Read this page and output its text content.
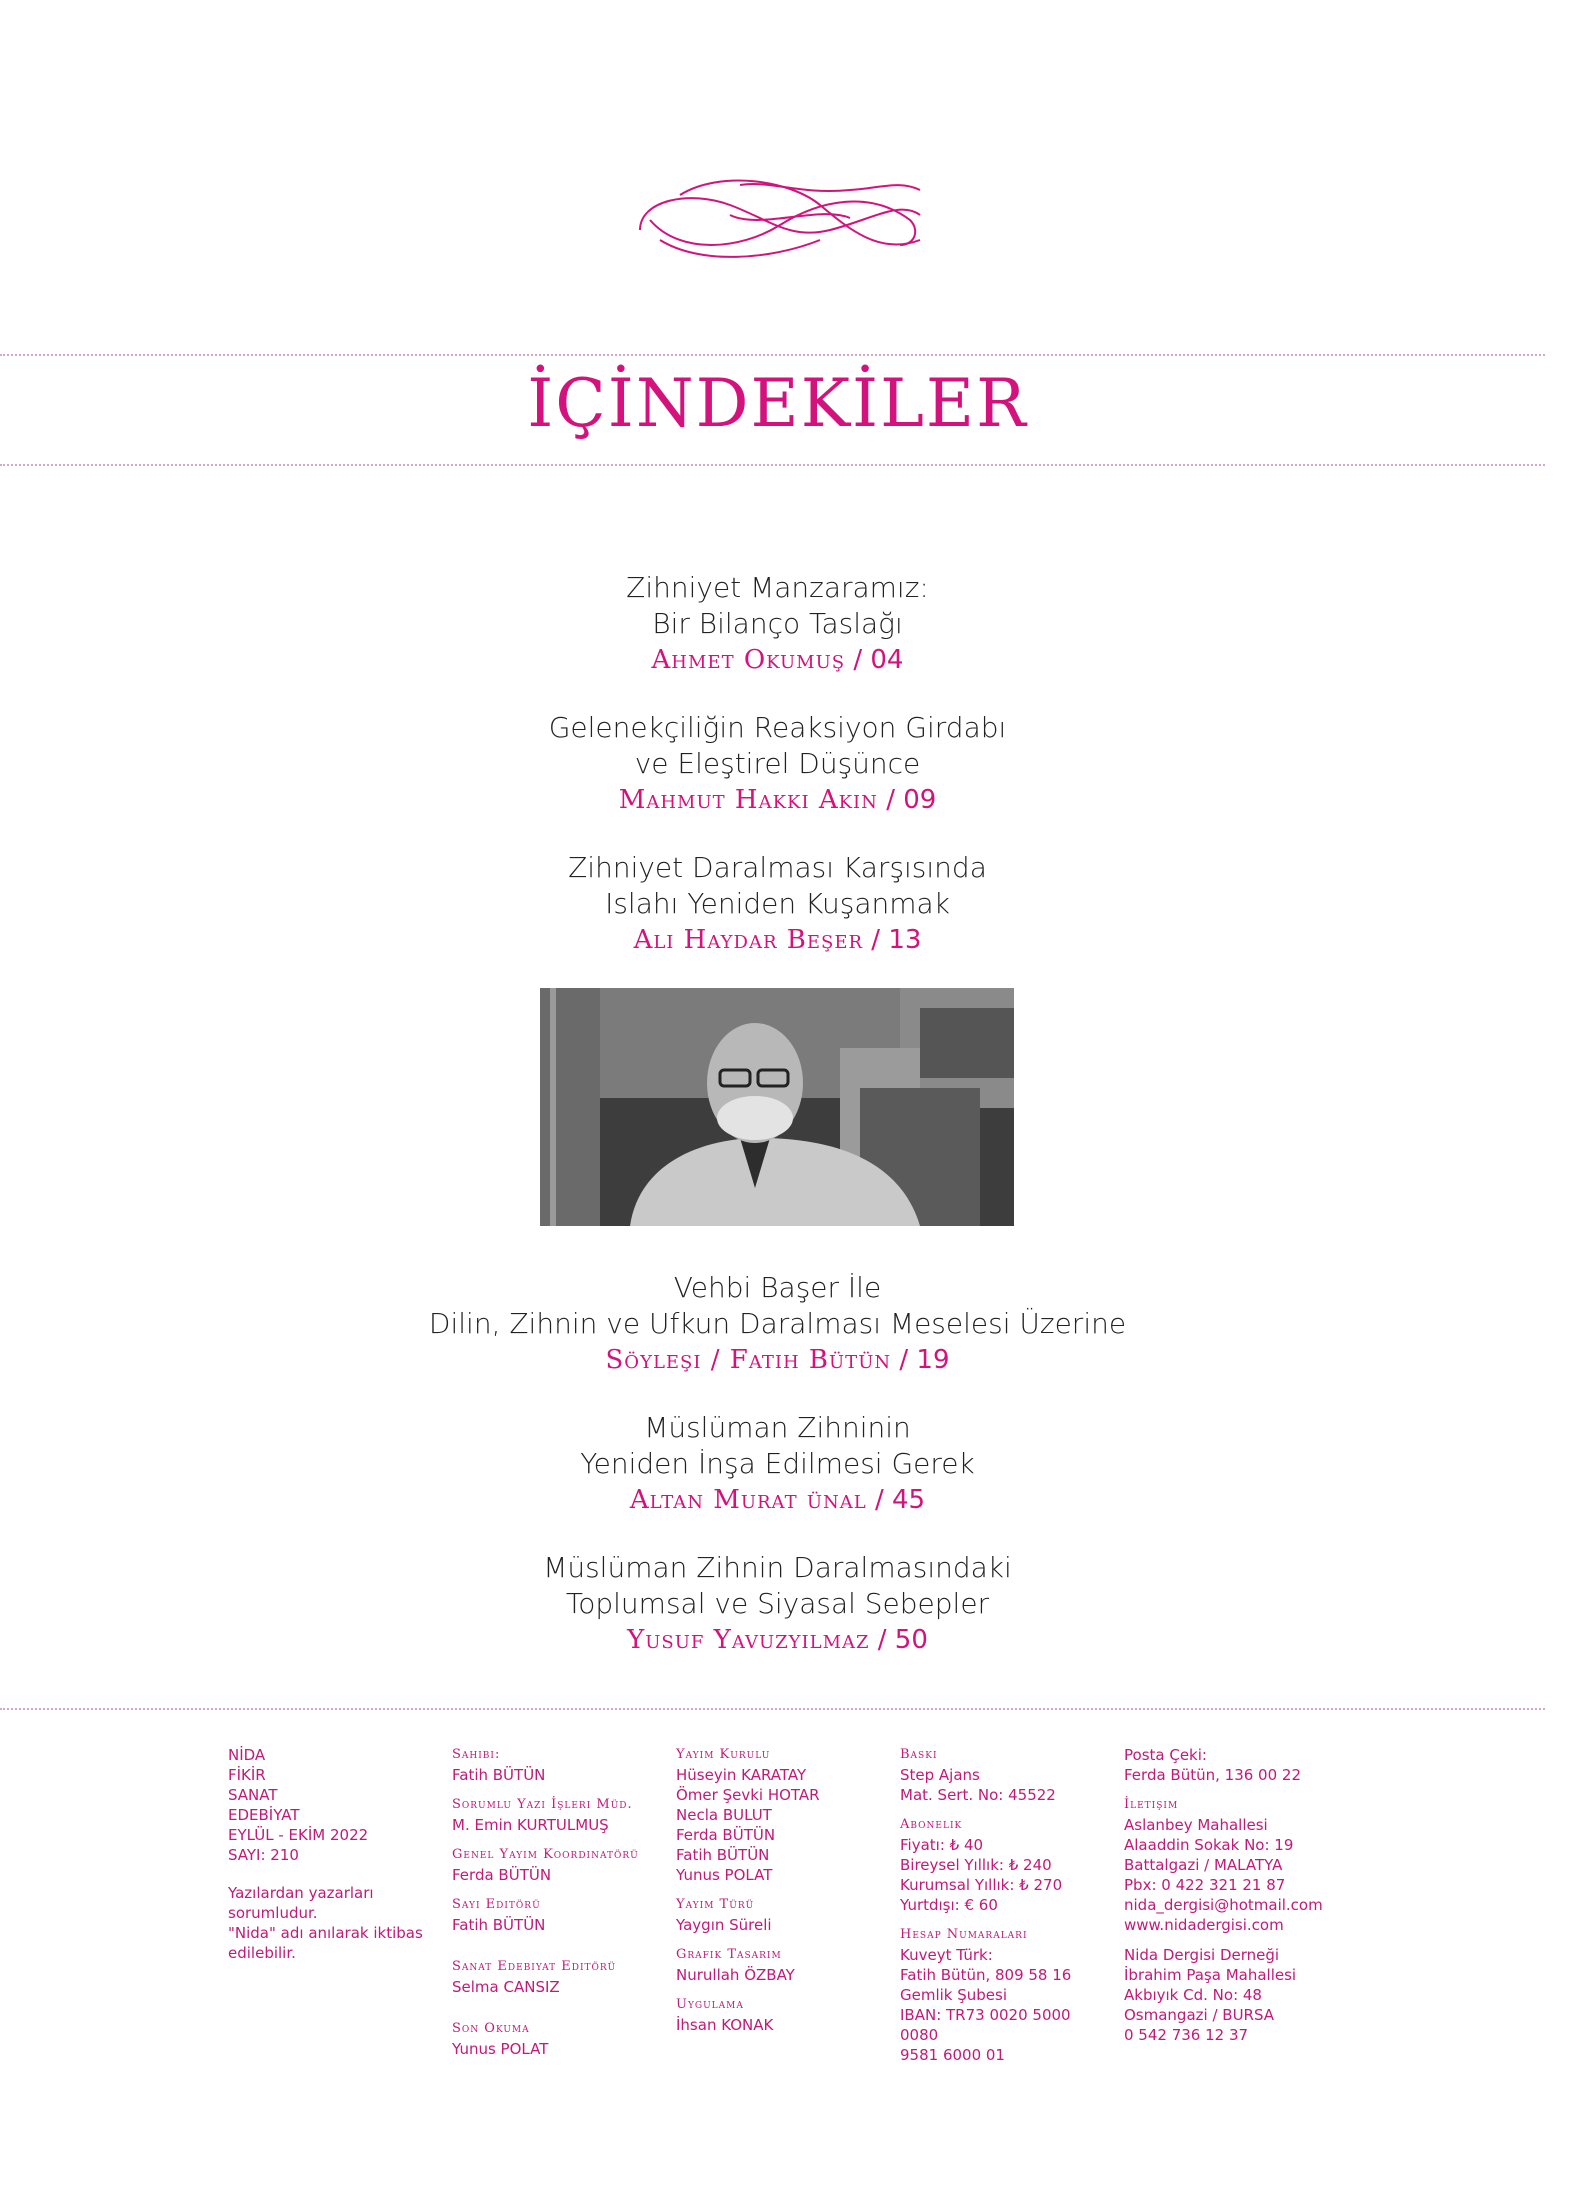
İÇİNDEKİLER
Zihniyet Manzaramız:
Bir Bilanço Taslağı
Ahmet Okumuş / 04
Gelenekçiliğin Reaksiyon Girdabı
ve Eleştirel Düşünce
Mahmut Hakkı Akın / 09
Zihniyet Daralması Karşısında
Islahı Yeniden Kuşanmak
Ali Haydar Beşer / 13
Vehbi Başer İle
Dilin, Zihnin ve Ufkun Daralması Meselesi Üzerine
Söyleşi / Fatih Bütün / 19
Müslüman Zihninin
Yeniden İnşa Edilmesi Gerek
Altan Murat ünal / 45
Müslüman Zihnin Daralmasındaki
Toplumsal ve Siyasal Sebepler
Yusuf Yavuzyılmaz / 50
NİDA
FİKİR
SANAT
EDEBİYAT
EYLÜL - EKİM 2022
SAYI: 210
Yazılardan yazarları
sorumludur.
"Nida" adı anılarak iktibas
edilebilir.
Sahibi:
Fatih BÜTÜN
Sorumlu Yazı İşleri Müd.
M. Emin KURTULMUŞ
Genel Yayım Koordinatörü
Ferda BÜTÜN
Sayı Editörü
Fatih BÜTÜN
Sanat Edebiyat Editörü
Selma CANSIZ
Son Okuma
Yunus POLAT
Yayım Kurulu
Hüseyin KARATAY
Ömer Şevki HOTAR
Necla BULUT
Ferda BÜTÜN
Fatih BÜTÜN
Yunus POLAT
Yayım Türü
Yaygın Süreli
Grafik Tasarım
Nurullah ÖZBAY
Uygulama
İhsan KONAK
Baskı
Step Ajans
Mat. Sert. No: 45522
Abonelik
Fiyatı: ₺ 40
Bireysel Yıllık: ₺ 240
Kurumsal Yıllık: ₺ 270
Yurtdışı: € 60
Hesap Numaraları
Kuveyt Türk:
Fatih Bütün, 809 58 16
Gemlik Şubesi
IBAN: TR73 0020 5000 0080
9581 6000 01
Posta Çeki:
Ferda Bütün, 136 00 22
İletişim
Aslanbey Mahallesi
Alaaddin Sokak No: 19
Battalgazi / MALATYA
Pbx: 0 422 321 21 87
nida_dergisi@hotmail.com
www.nidadergisi.com
Nida Dergisi Derneği
İbrahim Paşa Mahallesi
Akbıyık Cd. No: 48
Osmangazi / BURSA
0 542 736 12 37
